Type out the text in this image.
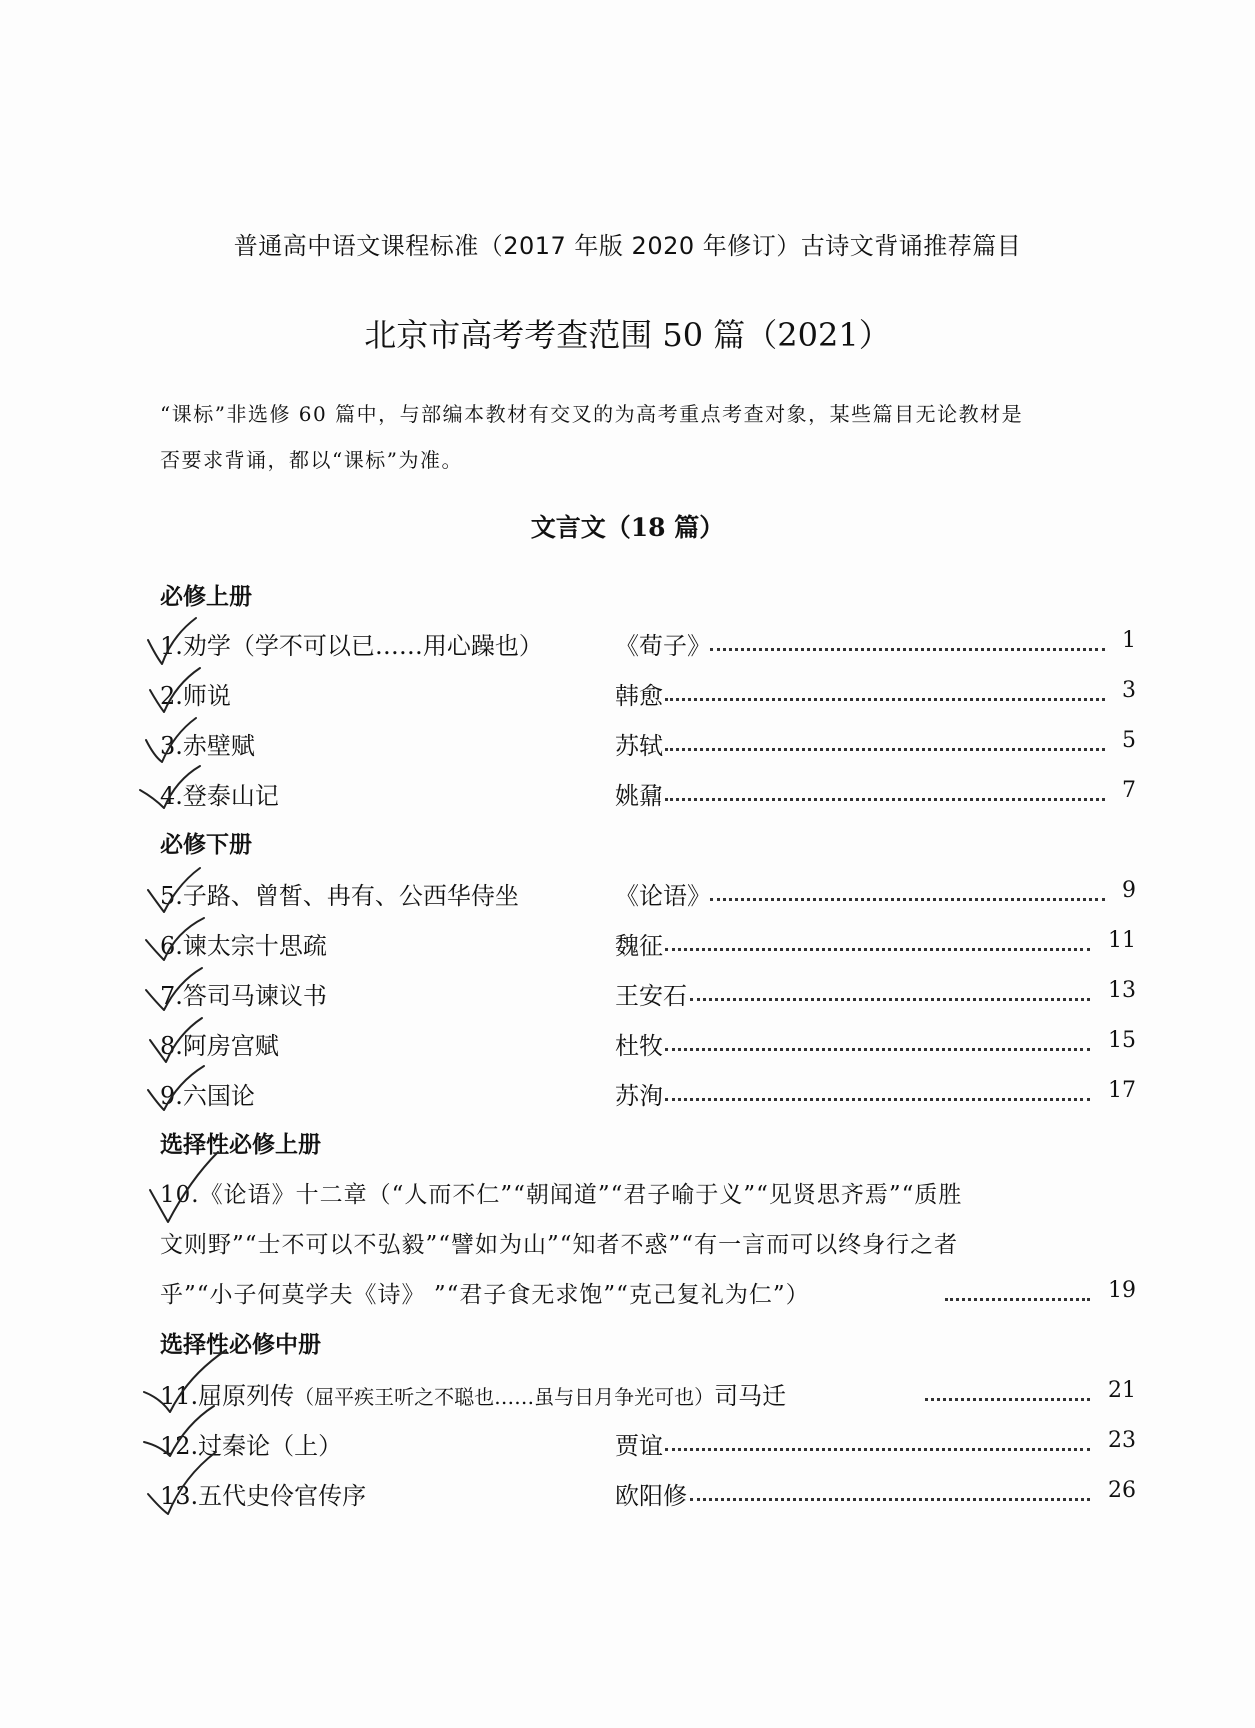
普通高中语文课程标准（2017 年版 2020 年修订）古诗文背诵推荐篇目
北京市高考考查范围 50 篇（2021）
“课标”非选修 60 篇中，与部编本教材有交叉的为高考重点考查对象，某些篇目无论教材是
否要求背诵，都以“课标”为准。
文言文（18 篇）
必修上册
1.劝学（学不可以已……用心躁也）	《荀子》	1
2.师说	韩愈	3
3.赤壁赋	苏轼	5
4.登泰山记	姚鼐	7
必修下册
5.子路、曾皙、冉有、公西华侍坐	《论语》	9
6.谏太宗十思疏	魏征	11
7.答司马谏议书	王安石	13
8.阿房宫赋	杜牧	15
9.六国论	苏洵	17
选择性必修上册
10.《论语》十二章（“人而不仁”“朝闻道”“君子喻于义”“见贤思齐焉”“质胜
文则野”“士不可以不弘毅”“譬如为山”“知者不惑”“有一言而可以终身行之者
乎”“小子何莫学夫《诗》 ”“君子食无求饱”“克己复礼为仁”）	19
选择性必修中册
11.屈原列传（屈平疾王听之不聪也……虽与日月争光可也）司马迁	21
12.过秦论（上）	贾谊	23
13.五代史伶官传序	欧阳修	26
